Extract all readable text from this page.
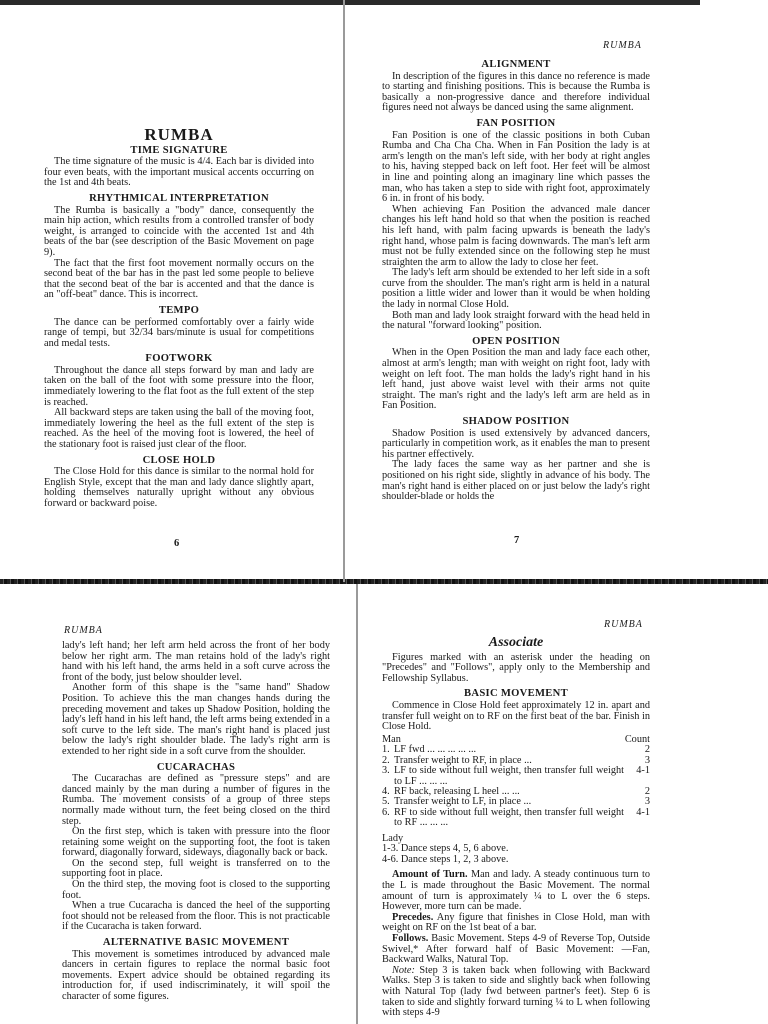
RUMBA
TIME SIGNATURE

The time signature of the music is 4/4. Each bar is divided into four even beats, with the important musical accents occurring on the 1st and 4th beats.

RHYTHMICAL INTERPRETATION

The Rumba is basically a "body" dance, consequently the main hip action, which results from a controlled transfer of body weight, is arranged to coincide with the accented 1st and 4th beats of the bar (see description of the Basic Movement on page 9).

The fact that the first foot movement normally occurs on the second beat of the bar has in the past led some people to believe that the second beat of the bar is accented and that the dance is an "off-beat" dance. This is incorrect.

TEMPO

The dance can be performed comfortably over a fairly wide range of tempi, but 32/34 bars/minute is usual for competitions and medal tests.

FOOTWORK

Throughout the dance all steps forward by man and lady are taken on the ball of the foot with some pressure into the floor, immediately lowering to the flat foot as the full extent of the step is reached.

All backward steps are taken using the ball of the moving foot, immediately lowering the heel as the full extent of the step is reached. As the heel of the moving foot is lowered, the heel of the stationary foot is raised just clear of the floor.

CLOSE HOLD

The Close Hold for this dance is similar to the normal hold for English Style, except that the man and lady dance slightly apart, holding themselves naturally upright without any obvious forward or backward poise.

6
RUMBA
ALIGNMENT

In description of the figures in this dance no reference is made to starting and finishing positions. This is because the Rumba is basically a non-progressive dance and therefore individual figures need not always be danced using the same alignment.

FAN POSITION

Fan Position is one of the classic positions in both Cuban Rumba and Cha Cha Cha. When in Fan Position the lady is at arm's length on the man's left side, with her body at right angles to his, having stepped back on left foot. Her feet will be almost in line and pointing along an imaginary line which passes the man, who has taken a step to side with right foot, approximately 6 in. in front of his body.

When achieving Fan Position the advanced male dancer changes his left hand hold so that when the position is reached his left hand, with palm facing upwards is beneath the lady's right hand, whose palm is facing downwards. The man's left arm must not be fully extended since on the following step he must straighten the arm to allow the lady to close her feet.

The lady's left arm should be extended to her left side in a soft curve from the shoulder. The man's right arm is held in a natural position a little wider and lower than it would be when holding the lady in normal Close Hold.

Both man and lady look straight forward with the head held in the natural "forward looking" position.

OPEN POSITION

When in the Open Position the man and lady face each other, almost at arm's length; man with weight on right foot, lady with weight on left foot. The man holds the lady's right hand in his left hand, just above waist level with their arms not quite straight. The man's right and the lady's left arm are held as in Fan Position.

SHADOW POSITION

Shadow Position is used extensively by advanced dancers, particularly in competition work, as it enables the man to present his partner effectively.

The lady faces the same way as her partner and she is positioned on his right side, slightly in advance of his body. The man's right hand is either placed on or just below the lady's right shoulder-blade or holds the

7
RUMBA

lady's left hand; her left arm held across the front of her body below her right arm. The man retains hold of the lady's right hand with his left hand, the arms held in a soft curve across the front of the body, just below shoulder level.

Another form of this shape is the "same hand" Shadow Position. To achieve this the man changes hands during the preceding movement and takes up Shadow Position, holding the lady's left hand in his left hand, the left arms being extended in a soft curve to the left side. The man's right hand is placed just below the lady's right shoulder blade. The lady's right arm is extended to her right side in a soft curve from the shoulder.

CUCARACHAS

The Cucarachas are defined as "pressure steps" and are danced mainly by the man during a number of figures in the Rumba. The movement consists of a group of three steps normally made without turn, the feet being closed on the third step.

On the first step, which is taken with pressure into the floor retaining some weight on the supporting foot, the foot is taken forward, diagonally forward, sideways, diagonally back or back.

On the second step, full weight is transferred on to the supporting foot in place.

On the third step, the moving foot is closed to the supporting foot.

When a true Cucaracha is danced the heel of the supporting foot should not be released from the floor. This is not practicable if the Cucaracha is taken forward.

ALTERNATIVE BASIC MOVEMENT

This movement is sometimes introduced by advanced male dancers in certain figures to replace the normal basic foot movements. Expert advice should be obtained regarding its introduction for, if used indiscriminately, it will spoil the character of some figures.

RUMBA
Associate

Figures marked with an asterisk under the heading on "Precedes" and "Follows", apply only to the Membership and Fellowship Syllabus.

BASIC MOVEMENT

Commence in Close Hold feet approximately 12 in. apart and transfer full weight on to RF on the first beat of the bar. Finish in Close Hold.

Man	Count
1.	LF fwd ... ... ... ... ...	2
2.	Transfer weight to RF, in place ...	3
3.	LF to side without full weight, then transfer full weight to LF ... ... ...	4-1
4.	RF back, releasing L heel ... ...	2
5.	Transfer weight to LF, in place ...	3
6.	RF to side without full weight, then transfer full weight to RF ... ... ...	4-1
Lady
1-3. Dance steps 4, 5, 6 above.
4-6. Dance steps 1, 2, 3 above.

Amount of Turn. Man and lady. A steady continuous turn to the L is made throughout the Basic Movement. The normal amount of turn is approximately ¼ to L over the 6 steps. However, more turn can be made.

Precedes. Any figure that finishes in Close Hold, man with weight on RF on the 1st beat of a bar.

Follows. Basic Movement. Steps 4-9 of Reverse Top, Outside Swivel,* After forward half of Basic Movement: —Fan, Backward Walks, Natural Top.

Note: Step 3 is taken back when following with Backward Walks. Step 3 is taken to side and slightly back when following with Natural Top (lady fwd between partner's feet). Step 6 is taken to side and slightly forward turning ¼ to L when following with steps 4-9
